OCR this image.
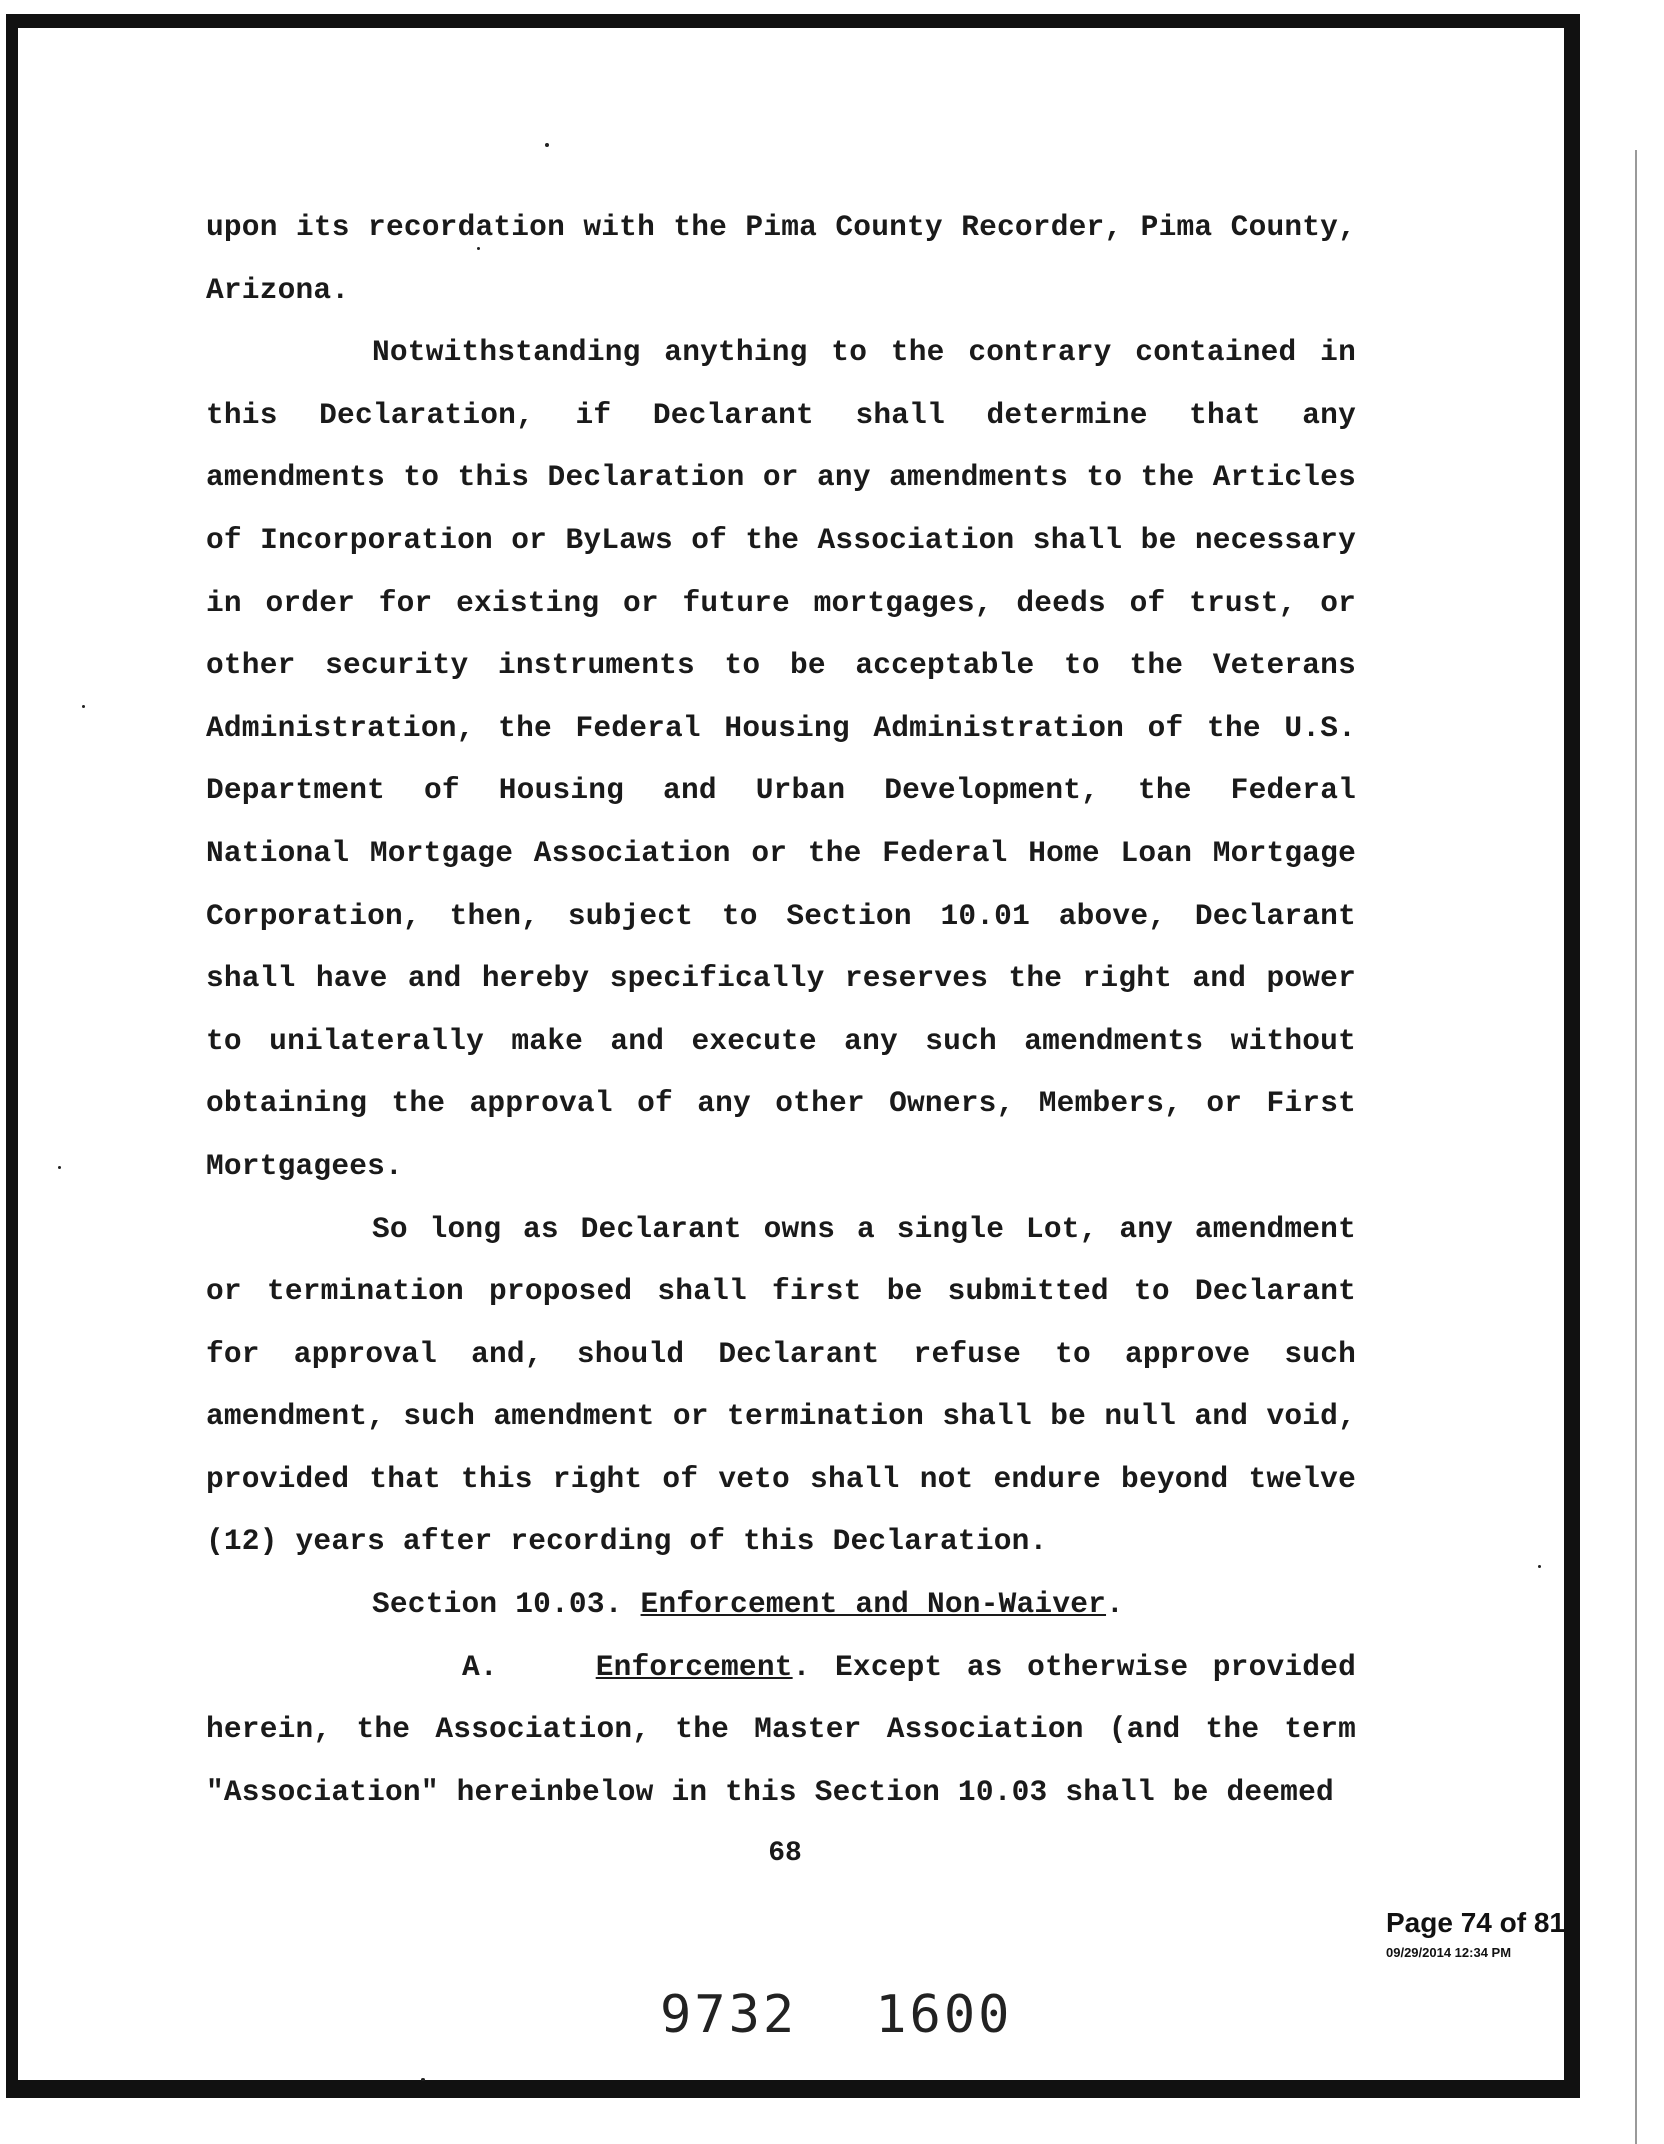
upon its recordation with the Pima County Recorder, Pima County, Arizona.

Notwithstanding anything to the contrary contained in this Declaration, if Declarant shall determine that any amendments to this Declaration or any amendments to the Articles of Incorporation or ByLaws of the Association shall be necessary in order for existing or future mortgages, deeds of trust, or other security instruments to be acceptable to the Veterans Administration, the Federal Housing Administration of the U.S. Department of Housing and Urban Development, the Federal National Mortgage Association or the Federal Home Loan Mortgage Corporation, then, subject to Section 10.01 above, Declarant shall have and hereby specifically reserves the right and power to unilaterally make and execute any such amendments without obtaining the approval of any other Owners, Members, or First Mortgagees.

So long as Declarant owns a single Lot, any amendment or termination proposed shall first be submitted to Declarant for approval and, should Declarant refuse to approve such amendment, such amendment or termination shall be null and void, provided that this right of veto shall not endure beyond twelve (12) years after recording of this Declaration.

Section 10.03. Enforcement and Non-Waiver.

A.	Enforcement. Except as otherwise provided herein, the Association, the Master Association (and the term "Association" hereinbelow in this Section 10.03 shall be deemed

68
Page 74 of 81
09/29/2014 12:34 PM
9732 1600
